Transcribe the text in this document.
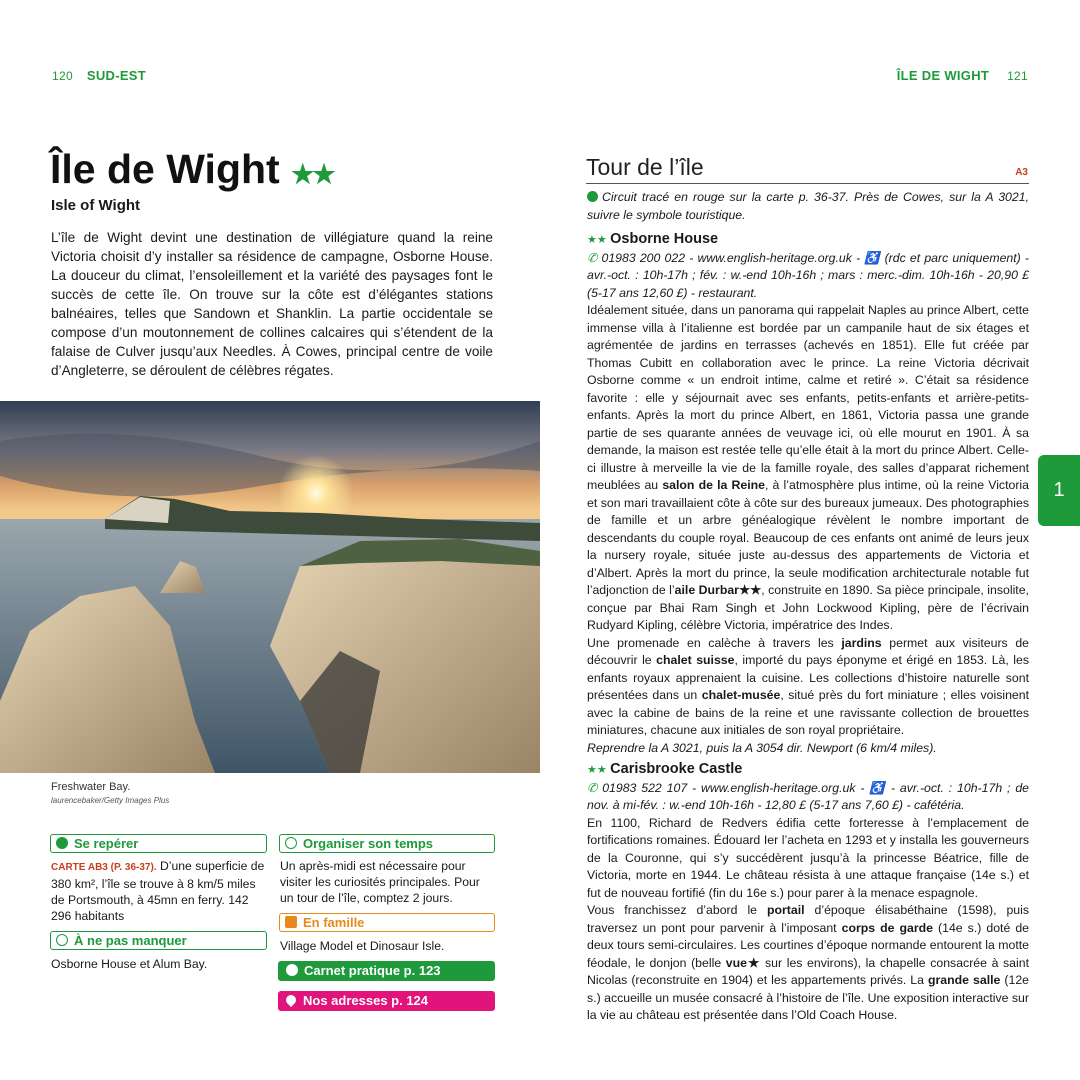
120 SUD-EST	ÎLE DE WIGHT 121
Île de Wight ★★
Isle of Wight
L’île de Wight devint une destination de villégiature quand la reine Victoria choisit d’y installer sa résidence de campagne, Osborne House. La douceur du climat, l’ensoleillement et la variété des paysages font le succès de cette île. On trouve sur la côte est d’élégantes stations balnéaires, telles que Sandown et Shanklin. La partie occidentale se compose d’un moutonnement de collines calcaires qui s’étendent de la falaise de Culver jusqu’aux Needles. À Cowes, principal centre de voile d’Angleterre, se déroulent de célèbres régates.
Freshwater Bay.
laurencebaker/Getty Images Plus
Se repérer
CARTE AB3 (P. 36-37). D’une superficie de 380 km², l’île se trouve à 8 km/5 miles de Portsmouth, à 45mn en ferry. 142 296 habitants
À ne pas manquer
Osborne House et Alum Bay.
Organiser son temps
Un après-midi est nécessaire pour visiter les curiosités principales. Pour un tour de l’île, comptez 2 jours.
En famille
Village Model et Dinosaur Isle.
Carnet pratique p. 123
Nos adresses p. 124
Tour de l’île	A3

Circuit tracé en rouge sur la carte p. 36-37. Près de Cowes, sur la A 3021, suivre le symbole touristique.

★★ Osborne House

✆ 01983 200 022 - www.english-heritage.org.uk - ♿ (rdc et parc uniquement) - avr.-oct. : 10h-17h ; fév. : w.-end 10h-16h ; mars : merc.-dim. 10h-16h - 20,90 £ (5-17 ans 12,60 £) - restaurant.

Idéalement située, dans un panorama qui rappelait Naples au prince Albert, cette immense villa à l’italienne est bordée par un campanile haut de six étages et agrémentée de jardins en terrasses (achevés en 1851). Elle fut créée par Thomas Cubitt en collaboration avec le prince. La reine Victoria décrivait Osborne comme « un endroit intime, calme et retiré ». C’était sa résidence favorite : elle y séjournait avec ses enfants, petits-enfants et arrière-petits-enfants. Après la mort du prince Albert, en 1861, Victoria passa une grande partie de ses quarante années de veuvage ici, où elle mourut en 1901. À sa demande, la maison est restée telle qu’elle était à la mort du prince Albert. Celle-ci illustre à merveille la vie de la famille royale, des salles d’apparat richement meublées au salon de la Reine, à l’atmosphère plus intime, où la reine Victoria et son mari travaillaient côte à côte sur des bureaux jumeaux. Des photographies de famille et un arbre généalogique révèlent le nombre important de descendants du couple royal. Beaucoup de ces enfants ont animé de leurs jeux la nursery royale, située juste au-dessus des appartements de Victoria et d’Albert. Après la mort du prince, la seule modification architecturale notable fut l’adjonction de l’aile Durbar★★, construite en 1890. Sa pièce principale, insolite, conçue par Bhai Ram Singh et John Lockwood Kipling, père de l’écrivain Rudyard Kipling, célèbre Victoria, impératrice des Indes.

Une promenade en calèche à travers les jardins permet aux visiteurs de découvrir le chalet suisse, importé du pays éponyme et érigé en 1853. Là, les enfants royaux apprenaient la cuisine. Les collections d’histoire naturelle sont présentées dans un chalet-musée, situé près du fort miniature ; elles voisinent avec la cabine de bains de la reine et une ravissante collection de brouettes miniatures, chacune aux initiales de son royal propriétaire.

Reprendre la A 3021, puis la A 3054 dir. Newport (6 km/4 miles).

★★ Carisbrooke Castle

✆ 01983 522 107 - www.english-heritage.org.uk - ♿ - avr.-oct. : 10h-17h ; de nov. à mi-fév. : w.-end 10h-16h - 12,80 £ (5-17 ans 7,60 £) - cafétéria.

En 1100, Richard de Redvers édifia cette forteresse à l’emplacement de fortifications romaines. Édouard Ier l’acheta en 1293 et y installa les gouverneurs de la Couronne, qui s’y succédèrent jusqu’à la princesse Béatrice, fille de Victoria, morte en 1944. Le château résista à une attaque française (14e s.) et fut de nouveau fortifié (fin du 16e s.) pour parer à la menace espagnole.

Vous franchissez d’abord le portail d’époque élisabéthaine (1598), puis traversez un pont pour parvenir à l’imposant corps de garde (14e s.) doté de deux tours semi-circulaires. Les courtines d’époque normande entourent la motte féodale, le donjon (belle vue★ sur les environs), la chapelle consacrée à saint Nicolas (reconstruite en 1904) et les appartements privés. La grande salle (12e s.) accueille un musée consacré à l’histoire de l’île. Une exposition interactive sur la vie au château est présentée dans l’Old Coach House.

1
